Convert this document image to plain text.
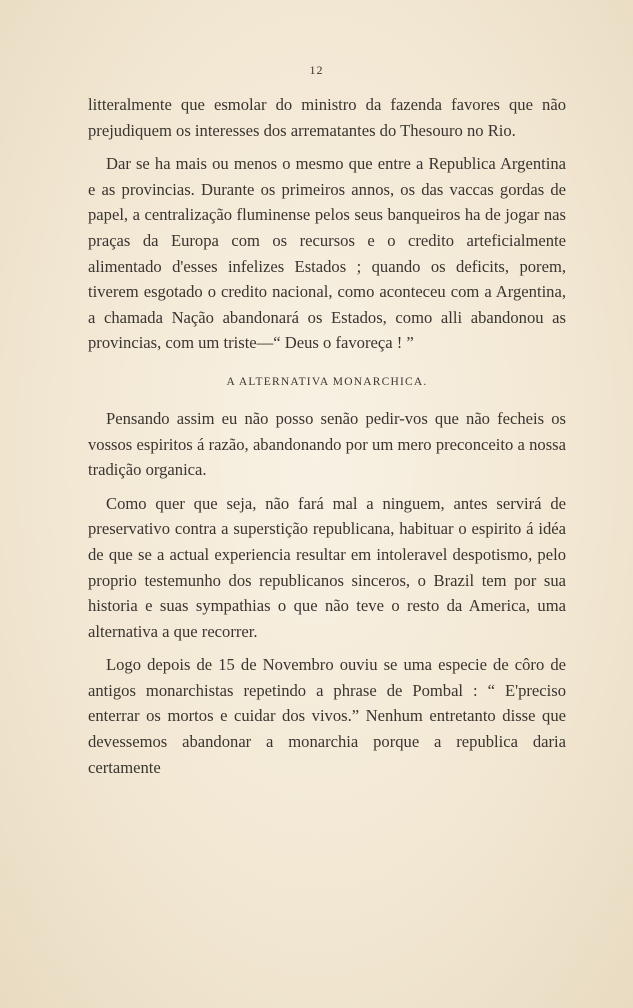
12

litteralmente que esmolar do ministro da fazenda favores que não prejudiquem os interesses dos arrematantes do Thesouro no Rio.

Dar se ha mais ou menos o mesmo que entre a Republica Argentina e as provincias. Durante os primeiros annos, os das vaccas gordas de papel, a centralização fluminense pelos seus banqueiros ha de jogar nas praças da Europa com os recursos e o credito arteficialmente alimentado d'esses infelizes Estados ; quando os deficits, porem, tiverem esgotado o credito nacional, como aconteceu com a Argentina, a chamada Nação abandonará os Estados, como alli abandonou as provincias, com um triste—“ Deus o favoreça ! ”

A ALTERNATIVA MONARCHICA.

Pensando assim eu não posso senão pedir-vos que não fecheis os vossos espiritos á razão, abandonando por um mero preconceito a nossa tradição organica.

Como quer que seja, não fará mal a ninguem, antes servirá de preservativo contra a superstição republicana, habituar o espirito á idéa de que se a actual experiencia resultar em intoleravel despotismo, pelo proprio testemunho dos republicanos sinceros, o Brazil tem por sua historia e suas sympathias o que não teve o resto da America, uma alternativa a que recorrer.

Logo depois de 15 de Novembro ouviu se uma especie de côro de antigos monarchistas repetindo a phrase de Pombal : “ E'preciso enterrar os mortos e cuidar dos vivos.” Nenhum entretanto disse que devessemos abandonar a monarchia porque a republica daria certamente
